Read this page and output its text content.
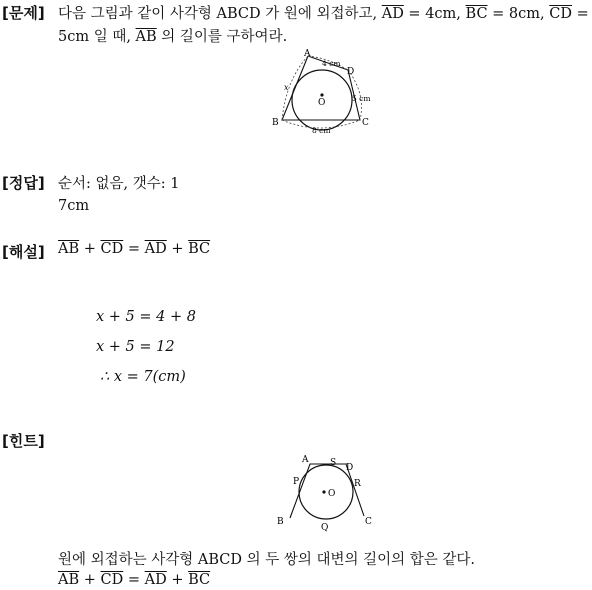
[문제] 다음 그림과 같이 사각형 ABCD 가 원에 외접하고, $\overline{AD} = 4cm$, $\overline{BC} = 8cm$, $\overline{CD}$ =
5cm 일 때, $\overline{AB}$ 의 길이를 구하여라.
A
D
B	C
O
4 cm
5 cm
8 cm
x
[정답] 순서: 없음, 갯수: 1
7cm
[해설] $\overline{AB} + \overline{CD} = \overline{AD} + \overline{BC}$
x + 5 = 4 + 8
x + 5 = 12
∴ x = 7(cm)
[힌트]
A S D
P	R
O
B
Q
C
원에 외접하는 사각형 ABCD 의 두 쌍의 대변의 길이의 합은 같다.
$\overline{AB} + \overline{CD} = \overline{AD} + \overline{BC}$
